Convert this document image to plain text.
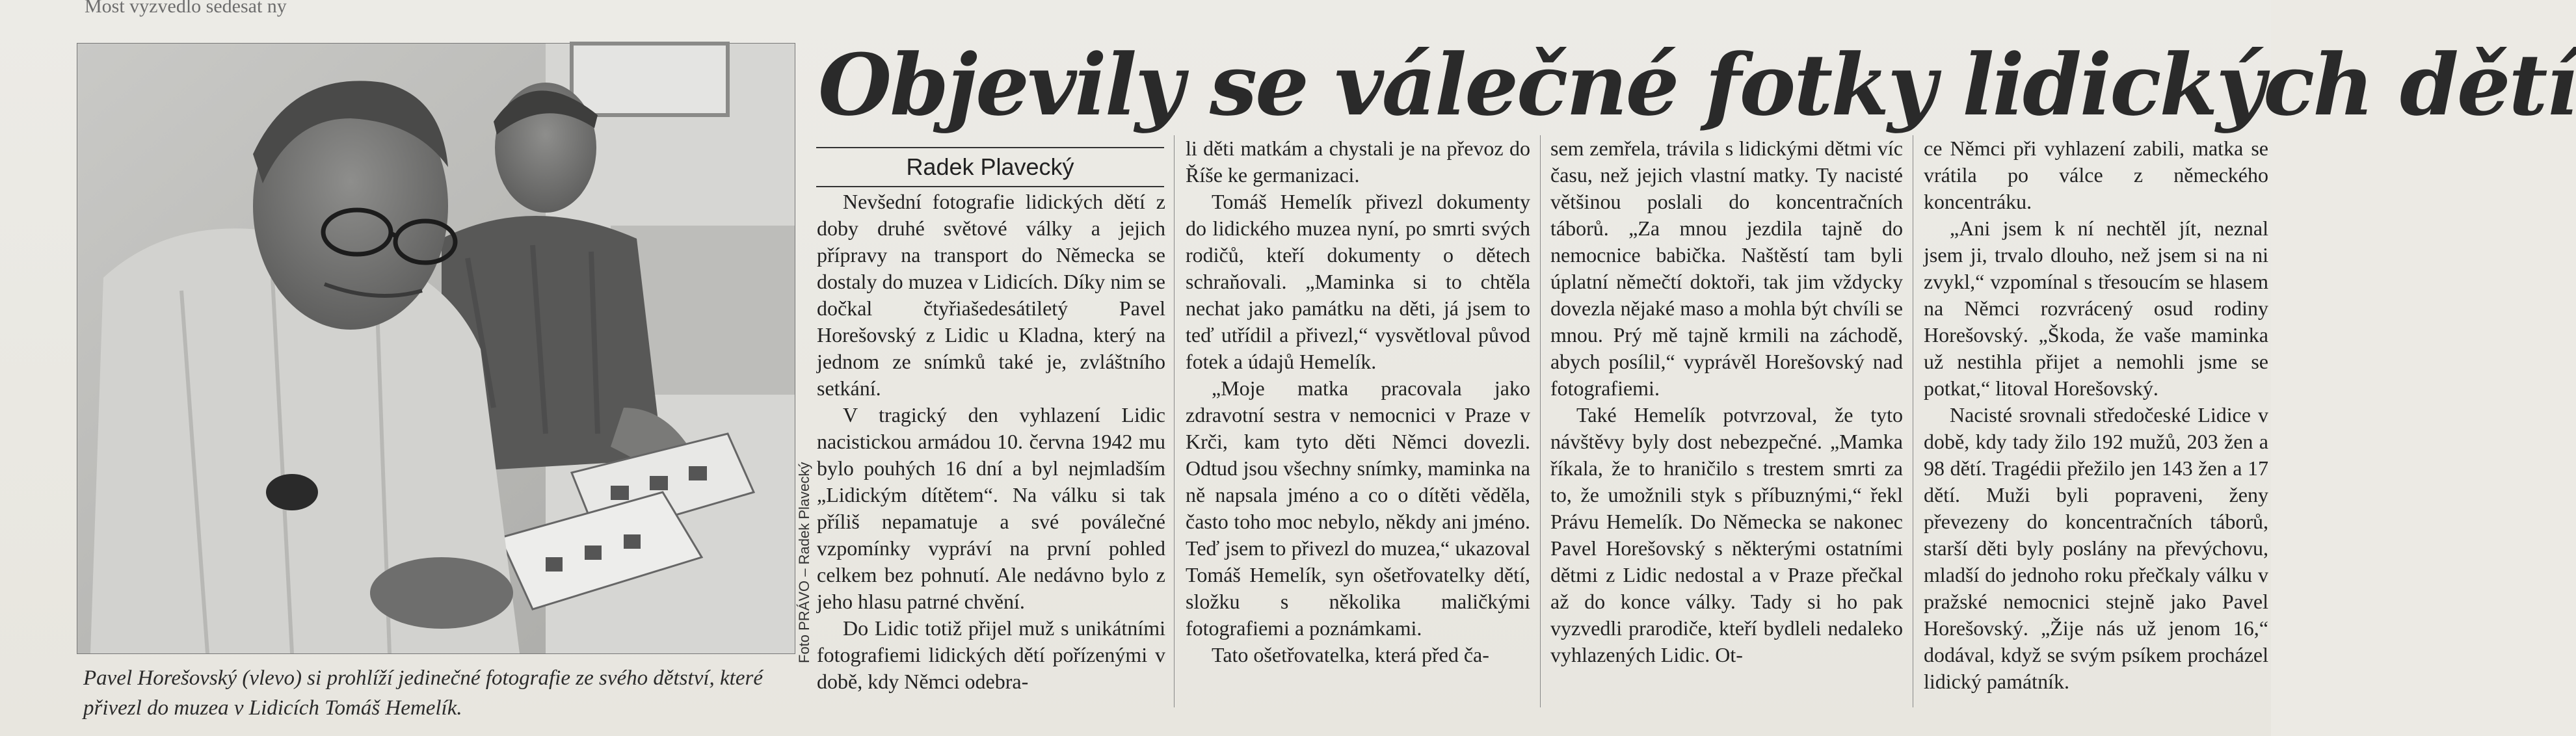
Most vyzvedlo sedesat ny
Foto PRÁVO – Radek Plavecký
Pavel Horešovský (vlevo) si prohlíží jedinečné fotografie ze svého dětství, které přivezl do muzea v Lidicích Tomáš Hemelík.
Objevily se válečné fotky lidických dětí
Radek Plavecký

Nevšední fotografie lidických dětí z doby druhé světové války a jejich přípravy na transport do Německa se dostaly do muzea v Lidicích. Díky nim se dočkal čtyřiašedesátiletý Pavel Horešovský z Lidic u Kladna, který na jednom ze snímků také je, zvláštního setkání.

V tragický den vyhlazení Lidic nacistickou armádou 10. června 1942 mu bylo pouhých 16 dní a byl nejmladším „Lidickým dítětem“. Na válku si tak příliš nepamatuje a své poválečné vzpomínky vypráví na první pohled celkem bez pohnutí. Ale nedávno bylo z jeho hlasu patrné chvění.

Do Lidic totiž přijel muž s unikátními fotografiemi lidických dětí pořízenými v době, kdy Němci odebra-

li děti matkám a chystali je na převoz do Říše ke germanizaci.

Tomáš Hemelík přivezl dokumenty do lidického muzea nyní, po smrti svých rodičů, kteří dokumenty o dětech schraňovali. „Maminka si to chtěla nechat jako památku na děti, já jsem to teď utřídil a přivezl,“ vysvětloval původ fotek a údajů Hemelík.

„Moje matka pracovala jako zdravotní sestra v nemocnici v Praze v Krči, kam tyto děti Němci dovezli. Odtud jsou všechny snímky, maminka na ně napsala jméno a co o dítěti věděla, často toho moc nebylo, někdy ani jméno. Teď jsem to přivezl do muzea,“ ukazoval Tomáš Hemelík, syn ošetřovatelky dětí, složku s několika maličkými fotografiemi a poznámkami.

Tato ošetřovatelka, která před ča-

sem zemřela, trávila s lidickými dětmi víc času, než jejich vlastní matky. Ty nacisté většinou poslali do koncentračních táborů. „Za mnou jezdila tajně do nemocnice babička. Naštěstí tam byli úplatní němečtí doktoři, tak jim vždycky dovezla nějaké maso a mohla být chvíli se mnou. Prý mě tajně krmili na záchodě, abych posílil,“ vyprávěl Horešovský nad fotografiemi.

Také Hemelík potvrzoval, že tyto návštěvy byly dost nebezpečné. „Mamka říkala, že to hraničilo s trestem smrti za to, že umožnili styk s příbuznými,“ řekl Právu Hemelík. Do Německa se nakonec Pavel Horešovský s některými ostatními dětmi z Lidic nedostal a v Praze přečkal až do konce války. Tady si ho pak vyzvedli prarodiče, kteří bydleli nedaleko vyhlazených Lidic. Ot-

ce Němci při vyhlazení zabili, matka se vrátila po válce z německého koncentráku.

„Ani jsem k ní nechtěl jít, neznal jsem ji, trvalo dlouho, než jsem si na ni zvykl,“ vzpomínal s třesoucím se hlasem na Němci rozvrácený osud rodiny Horešovský. „Škoda, že vaše maminka už nestihla přijet a nemohli jsme se potkat,“ litoval Horešovský.

Nacisté srovnali středočeské Lidice v době, kdy tady žilo 192 mužů, 203 žen a 98 dětí. Tragédii přežilo jen 143 žen a 17 dětí. Muži byli popraveni, ženy převezeny do koncentračních táborů, starší děti byly poslány na převýchovu, mladší do jednoho roku přečkaly válku v pražské nemocnici stejně jako Pavel Horešovský. „Žije nás už jenom 16,“ dodával, když se svým psíkem procházel lidický památník.
